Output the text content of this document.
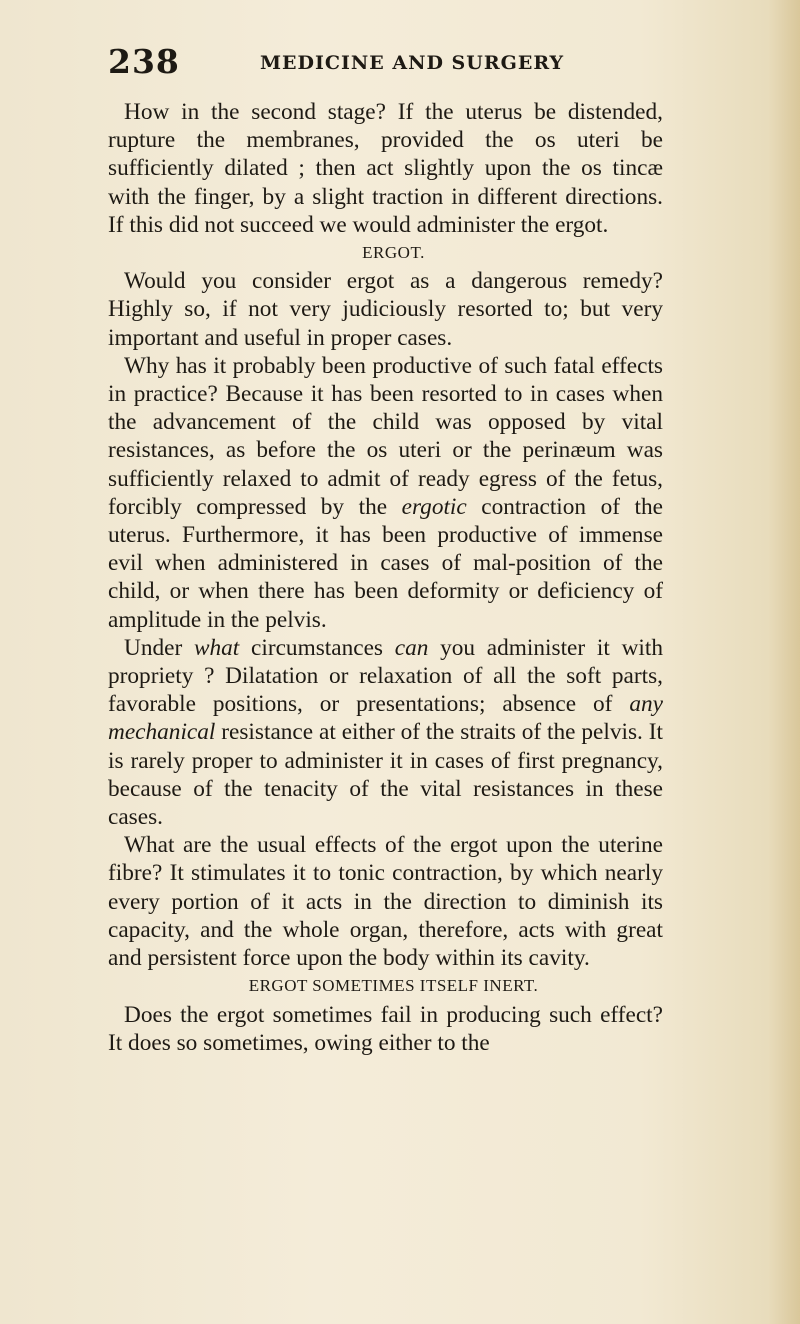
238	MEDICINE AND SURGERY

How in the second stage? If the uterus be distended, rupture the membranes, provided the os uteri be sufficiently dilated ; then act slightly upon the os tincæ with the finger, by a slight traction in different directions. If this did not succeed we would administer the ergot.

ERGOT.

Would you consider ergot as a dangerous remedy? Highly so, if not very judiciously resorted to; but very important and useful in proper cases.

Why has it probably been productive of such fatal effects in practice? Because it has been resorted to in cases when the advancement of the child was opposed by vital resistances, as before the os uteri or the perinæum was sufficiently relaxed to admit of ready egress of the fetus, forcibly compressed by the ergotic contraction of the uterus. Furthermore, it has been productive of immense evil when administered in cases of mal-position of the child, or when there has been deformity or deficiency of amplitude in the pelvis.

Under what circumstances can you administer it with propriety ? Dilatation or relaxation of all the soft parts, favorable positions, or presentations; absence of any mechanical resistance at either of the straits of the pelvis. It is rarely proper to administer it in cases of first pregnancy, because of the tenacity of the vital resistances in these cases.

What are the usual effects of the ergot upon the uterine fibre? It stimulates it to tonic contraction, by which nearly every portion of it acts in the direction to diminish its capacity, and the whole organ, therefore, acts with great and persistent force upon the body within its cavity.

ERGOT SOMETIMES ITSELF INERT.

Does the ergot sometimes fail in producing such effect? It does so sometimes, owing either to the
